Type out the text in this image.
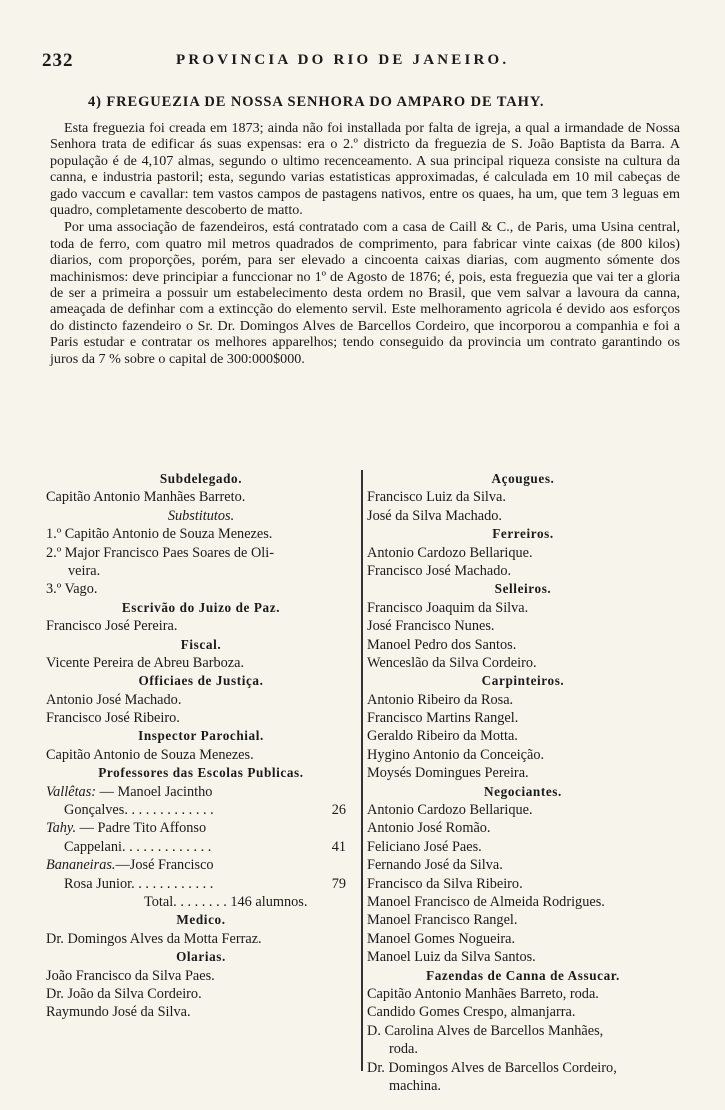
232	PROVINCIA DO RIO DE JANEIRO.
4) FREGUEZIA DE NOSSA SENHORA DO AMPARO DE TAHY.

Esta freguezia foi creada em 1873; ainda não foi installada por falta de igreja, a qual a irmandade de Nossa Senhora trata de edificar ás suas expensas: era o 2.º districto da freguezia de S. João Baptista da Barra. A população é de 4,107 almas, segundo o ultimo recenceamento. A sua principal riqueza consiste na cultura da canna, e industria pastoril; esta, segundo varias estatisticas approximadas, é calculada em 10 mil cabeças de gado vaccum e cavallar: tem vastos campos de pastagens nativos, entre os quaes, ha um, que tem 3 leguas em quadro, completamente descoberto de matto.

Por uma associação de fazendeiros, está contratado com a casa de Caill & C., de Paris, uma Usina central, toda de ferro, com quatro mil metros quadrados de comprimento, para fabricar vinte caixas (de 800 kilos) diarios, com proporções, porém, para ser elevado a cincoenta caixas diarias, com augmento sómente dos machinismos: deve principiar a funccionar no 1º de Agosto de 1876; é, pois, esta freguezia que vai ter a gloria de ser a primeira a possuir um estabelecimento desta ordem no Brasil, que vem salvar a lavoura da canna, ameaçada de definhar com a extincção do elemento servil. Este melhoramento agricola é devido aos esforços do distincto fazendeiro o Sr. Dr. Domingos Alves de Barcellos Cordeiro, que incorporou a companhia e foi a Paris estudar e contratar os melhores apparelhos; tendo conseguido da provincia um contrato garantindo os juros da 7 % sobre o capital de 300:000$000.

Subdelegado.
Capitão Antonio Manhães Barreto.
Substitutos.
1.º Capitão Antonio de Souza Menezes.
2.º Major Francisco Paes Soares de Oli-
veira.
3.º Vago.
Escrivão do Juizo de Paz.
Francisco José Pereira.
Fiscal.
Vicente Pereira de Abreu Barboza.
Officiaes de Justiça.
Antonio José Machado.
Francisco José Ribeiro.
Inspector Parochial.
Capitão Antonio de Souza Menezes.
Professores das Escolas Publicas.
Vallêtas: — Manoel Jacintho
Gonçalves. . . . . . . . . . . . .	26
Tahy. — Padre Tito Affonso
Cappelani. . . . . . . . . . . . .	41
Bananeiras.—José Francisco
Rosa Junior. . . . . . . . . . . .	79
Total. . . . . . . . 146 alumnos.
Medico.
Dr. Domingos Alves da Motta Ferraz.
Olarias.
João Francisco da Silva Paes.
Dr. João da Silva Cordeiro.
Raymundo José da Silva.
Açougues.
Francisco Luiz da Silva.
José da Silva Machado.
Ferreiros.
Antonio Cardozo Bellarique.
Francisco José Machado.
Selleiros.
Francisco Joaquim da Silva.
José Francisco Nunes.
Manoel Pedro dos Santos.
Wenceslão da Silva Cordeiro.
Carpinteiros.
Antonio Ribeiro da Rosa.
Francisco Martins Rangel.
Geraldo Ribeiro da Motta.
Hygino Antonio da Conceição.
Moysés Domingues Pereira.
Negociantes.
Antonio Cardozo Bellarique.
Antonio José Romão.
Feliciano José Paes.
Fernando José da Silva.
Francisco da Silva Ribeiro.
Manoel Francisco de Almeida Rodrigues.
Manoel Francisco Rangel.
Manoel Gomes Nogueira.
Manoel Luiz da Silva Santos.
Fazendas de Canna de Assucar.
Capitão Antonio Manhães Barreto, roda.
Candido Gomes Crespo, almanjarra.
D. Carolina Alves de Barcellos Manhães,
roda.
Dr. Domingos Alves de Barcellos Cordeiro,
machina.
